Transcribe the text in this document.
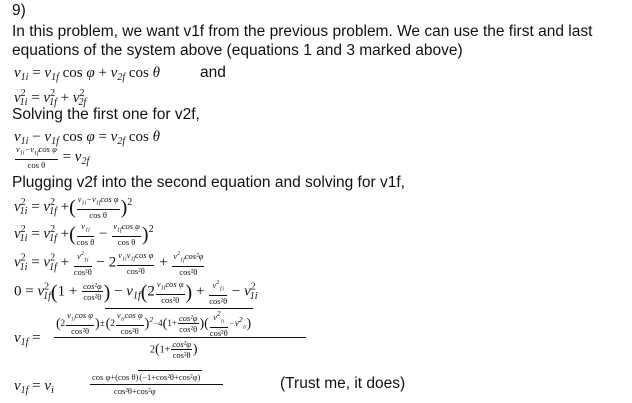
9)
In this problem, we want v1f from the previous problem. We can use the first and last
equations of the system above (equations 1 and 3 marked above)
$v_{1i} = v_{1f}$ $\cos \varphi + v_{2f}$ cos θ	and
$v^2_{1i} = v^2_{1f} + v^2_{2f}$
Solving the first one for v2f,
$v_{1i} - v_{1f}$ $\cos \varphi = v_{2f}$ cos θ
$\frac{v_{1i}-v_{1f}\cos \varphi}{\text{cos θ}} = v_{2f}$
Plugging v2f into the second equation and solving for v1f,
$v^2_{1i} = v^2_{1f}$ +( $\frac{v_{1i}-v_{1f}\cos \varphi}{\text{cos θ}} )^2$
$v^2_{1i} = v^2_{1f}$ +( $\frac{v_{1i}}{\text{cos θ}} - \frac{v_{1f}\cos \varphi}{\text{cos θ}} )^2$
$v^2_{1i} = v^2_{1f} + \frac{v^2_{1i}}{\text{cos²θ}} - 2 \frac{v_{1i}v_{1f}\cos \varphi}{\text{cos²θ}} + \frac{v^2_{1f}\cos^2\varphi}{\text{cos²θ}}$
$0 = v^2_{1f}(1 + \frac{\text{cos²φ}}{\text{cos²θ}}$ ) − $v_{1f}(2 \frac{v_{1i}\cos \varphi}{\text{cos²θ}}$ ) + $\frac{v^2_{1i}}{\text{cos²θ}} - v^2_{1i}$
$v_{1f}$ =
$(2 \frac{v_{1i}\cos \varphi}{\text{cos²θ}} )\pm(2 \frac{v_{1i}\cos \varphi}{\text{cos²θ}} )^2-4(1+ \frac{\text{cos²φ}}{\text{cos²θ}}$ )( $\frac{v^2_{1i}}{\text{cos²θ}} -v^2_{1i}$)
$2(1+ \frac{\text{cos²φ}}{\text{cos²θ}}$ )
$v_{1f} = v_i$
cos φ+(cos θ)(−1+cos²θ+cos²φ)
cos²θ+cos²φ	(Trust me, it does)
